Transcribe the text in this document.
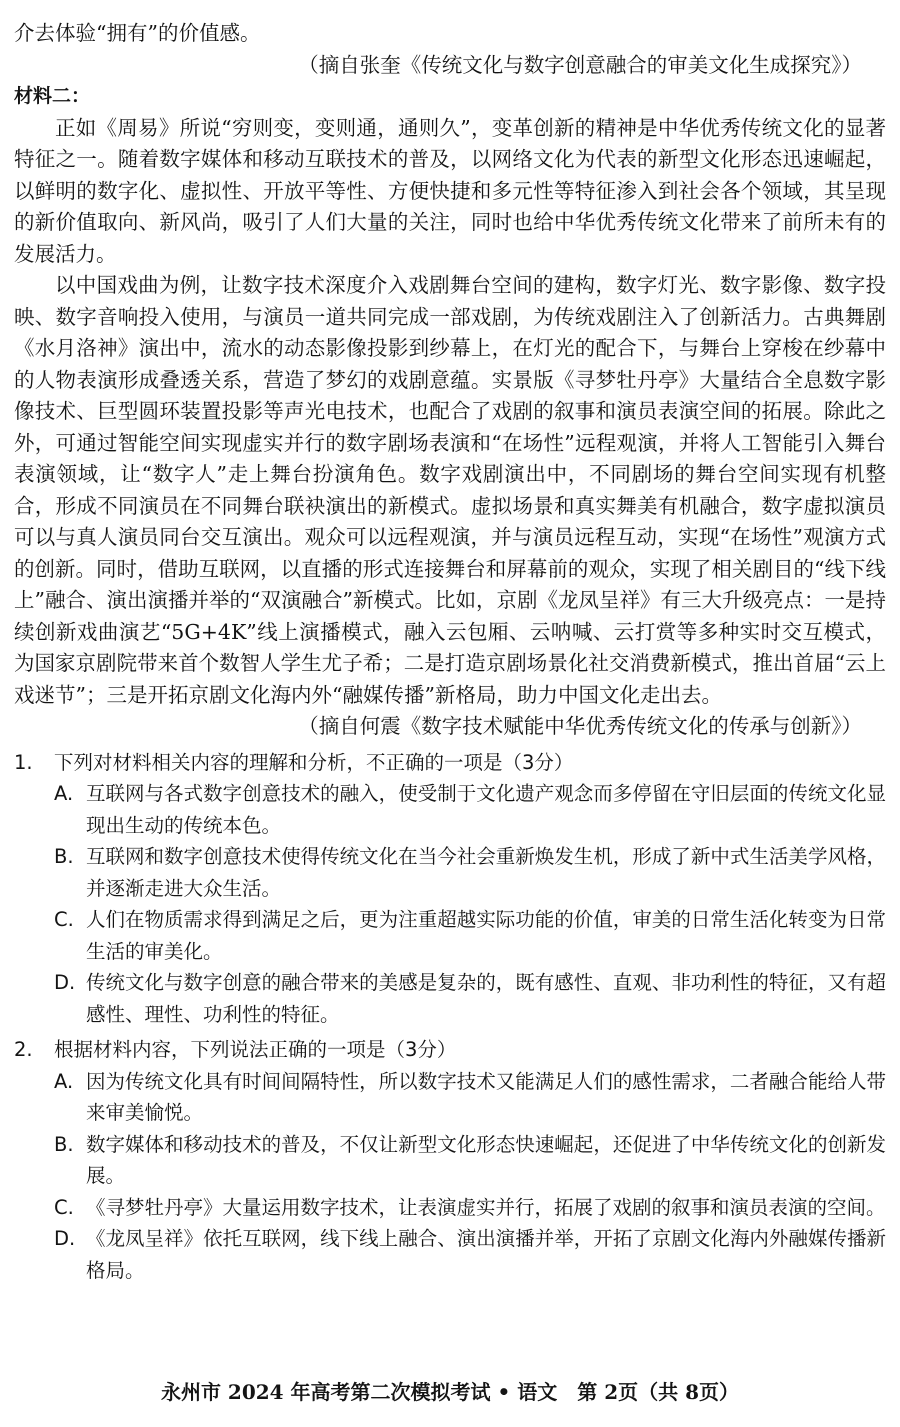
介去体验“拥有”的价值感。

（摘自张奎《传统文化与数字创意融合的审美文化生成探究》）

材料二：

正如《周易》所说“穷则变，变则通，通则久”，变革创新的精神是中华优秀传统文化的显著特征之一。随着数字媒体和移动互联技术的普及，以网络文化为代表的新型文化形态迅速崛起，以鲜明的数字化、虚拟性、开放平等性、方便快捷和多元性等特征渗入到社会各个领域，其呈现的新价值取向、新风尚，吸引了人们大量的关注，同时也给中华优秀传统文化带来了前所未有的发展活力。

以中国戏曲为例，让数字技术深度介入戏剧舞台空间的建构，数字灯光、数字影像、数字投映、数字音响投入使用，与演员一道共同完成一部戏剧，为传统戏剧注入了创新活力。古典舞剧《水月洛神》演出中，流水的动态影像投影到纱幕上，在灯光的配合下，与舞台上穿梭在纱幕中的人物表演形成叠透关系，营造了梦幻的戏剧意蕴。实景版《寻梦牡丹亭》大量结合全息数字影像技术、巨型圆环装置投影等声光电技术，也配合了戏剧的叙事和演员表演空间的拓展。除此之外，可通过智能空间实现虚实并行的数字剧场表演和“在场性”远程观演，并将人工智能引入舞台表演领域，让“数字人”走上舞台扮演角色。数字戏剧演出中，不同剧场的舞台空间实现有机整合，形成不同演员在不同舞台联袂演出的新模式。虚拟场景和真实舞美有机融合，数字虚拟演员可以与真人演员同台交互演出。观众可以远程观演，并与演员远程互动，实现“在场性”观演方式的创新。同时，借助互联网，以直播的形式连接舞台和屏幕前的观众，实现了相关剧目的“线下线上”融合、演出演播并举的“双演融合”新模式。比如，京剧《龙凤呈祥》有三大升级亮点：一是持续创新戏曲演艺“5G+4K”线上演播模式，融入云包厢、云呐喊、云打赏等多种实时交互模式，为国家京剧院带来首个数智人学生尤子希；二是打造京剧场景化社交消费新模式，推出首届“云上戏迷节”；三是开拓京剧文化海内外“融媒传播”新格局，助力中国文化走出去。

（摘自何震《数字技术赋能中华优秀传统文化的传承与创新》）

1.	下列对材料相关内容的理解和分析，不正确的一项是（3分）
A. 互联网与各式数字创意技术的融入，使受制于文化遗产观念而多停留在守旧层面的传统文化显现出生动的传统本色。
B. 互联网和数字创意技术使得传统文化在当今社会重新焕发生机，形成了新中式生活美学风格，并逐渐走进大众生活。
C. 人们在物质需求得到满足之后，更为注重超越实际功能的价值，审美的日常生活化转变为日常生活的审美化。
D. 传统文化与数字创意的融合带来的美感是复杂的，既有感性、直观、非功利性的特征，又有超感性、理性、功利性的特征。
2.	根据材料内容，下列说法正确的一项是（3分）
A. 因为传统文化具有时间间隔特性，所以数字技术又能满足人们的感性需求，二者融合能给人带来审美愉悦。
B. 数字媒体和移动技术的普及，不仅让新型文化形态快速崛起，还促进了中华传统文化的创新发展。
C. 《寻梦牡丹亭》大量运用数字技术，让表演虚实并行，拓展了戏剧的叙事和演员表演的空间。
D. 《龙凤呈祥》依托互联网，线下线上融合、演出演播并举，开拓了京剧文化海内外融媒传播新格局。
永州市 2024 年高考第二次模拟考试 • 语文　第 2页（共 8页）
